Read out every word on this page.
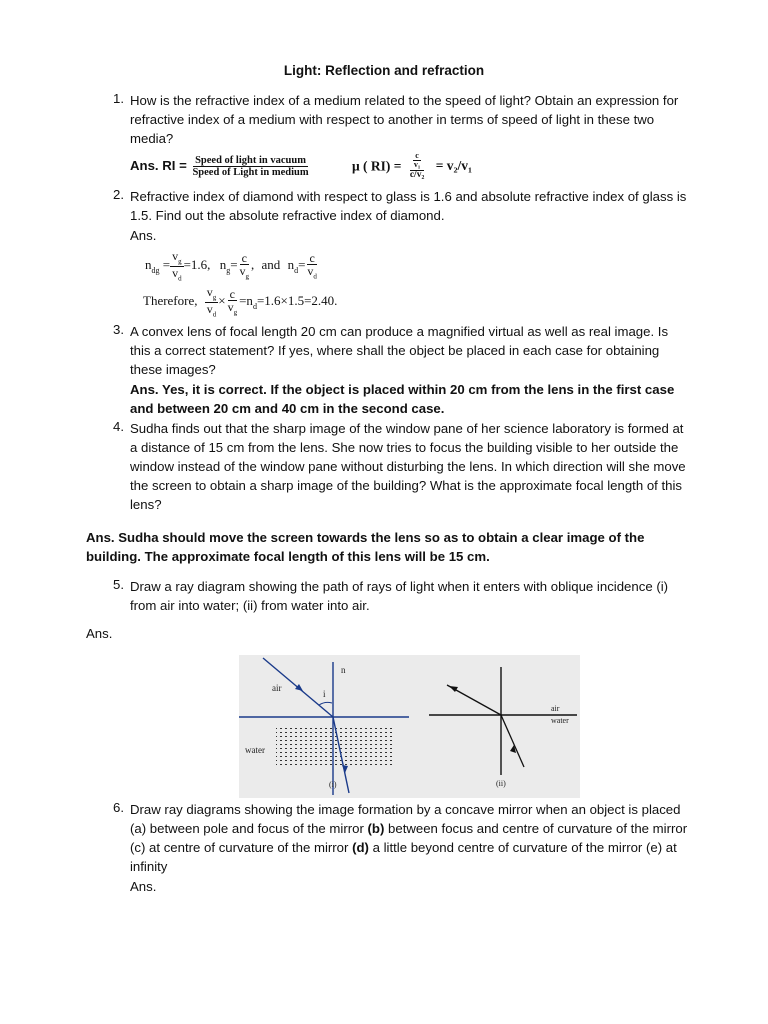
Light: Reflection and refraction
1. How is the refractive index of a medium related to the speed of light? Obtain an expression for refractive index of a medium with respect to another in terms of speed of light in these two media?
Ans. RI = $\frac{\text{Speed of light in vacuum}}{\text{Speed of Light in medium}}$	μ ( $RI) = \frac{\frac{c}{\text{v₁}}}{\text{c/v₂}} = v_2/v_1$
2. Refractive index of diamond with respect to glass is 1.6 and absolute refractive index of glass is 1.5. Find out the absolute refractive index of diamond.
Ans.
$n_{dg} = \frac{v_g}{v_d} =1.6$, $n_g= \frac{c}{v_g}$ , and $n_d= \frac{c}{v_d}$
Therefore, $\frac{v_g}{v_d} \times \frac{c}{v_g} =n_d=1.6\times 1.5=2.40$.
3. A convex lens of focal length 20 cm can produce a magnified virtual as well as real image. Is this a correct statement? If yes, where shall the object be placed in each case for obtaining these images?
Ans. Yes, it is correct. If the object is placed within 20 cm from the lens in the first case and between 20 cm and 40 cm in the second case.
4. Sudha finds out that the sharp image of the window pane of her science laboratory is formed at a distance of 15 cm from the lens. She now tries to focus the building visible to her outside the window instead of the window pane without disturbing the lens. In which direction will she move the screen to obtain a sharp image of the building? What is the approximate focal length of this lens?
Ans. Sudha should move the screen towards the lens so as to obtain a clear image of the building. The approximate focal length of this lens will be 15 cm.
5. Draw a ray diagram showing the path of rays of light when it enters with oblique incidence (i) from air into water; (ii) from water into air.
Ans.
n
air
i
water
(i)
air
water
(ii)
6. Draw ray diagrams showing the image formation by a concave mirror when an object is placed (a) between pole and focus of the mirror (b) between focus and centre of curvature of the mirror (c) at centre of curvature of the mirror (d) a little beyond centre of curvature of the mirror (e) at infinity
Ans.
